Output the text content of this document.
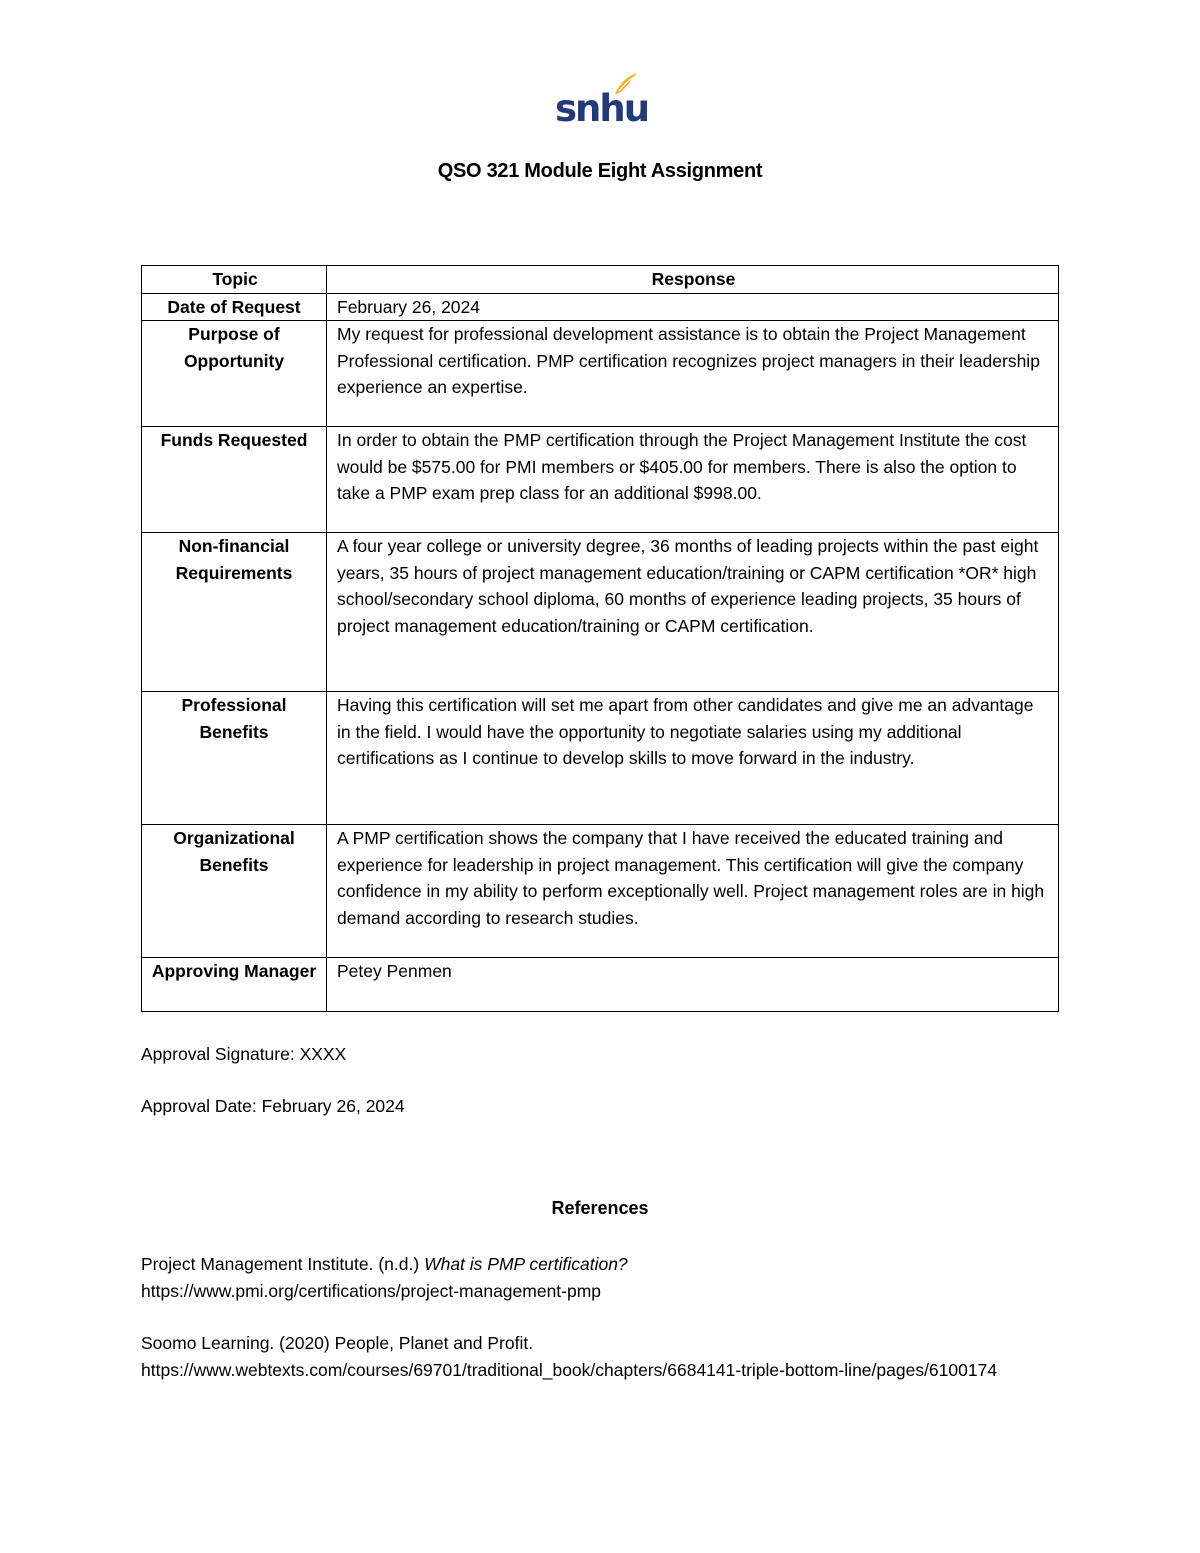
snhu
QSO 321 Module Eight Assignment
Topic	Response
Date of Request	February 26, 2024
Purpose of Opportunity	My request for professional development assistance is to obtain the Project Management Professional certification. PMP certification recognizes project managers in their leadership experience an expertise.
Funds Requested	In order to obtain the PMP certification through the Project Management Institute the cost would be $575.00 for PMI members or $405.00 for members. There is also the option to take a PMP exam prep class for an additional $998.00.
Non-financial Requirements	A four year college or university degree, 36 months of leading projects within the past eight years, 35 hours of project management education/training or CAPM certification *OR* high school/secondary school diploma, 60 months of experience leading projects, 35 hours of project management education/training or CAPM certification.
Professional Benefits	Having this certification will set me apart from other candidates and give me an advantage in the field. I would have the opportunity to negotiate salaries using my additional certifications as I continue to develop skills to move forward in the industry.
Organizational Benefits	A PMP certification shows the company that I have received the educated training and experience for leadership in project management. This certification will give the company confidence in my ability to perform exceptionally well. Project management roles are in high demand according to research studies.
Approving Manager	Petey Penmen
Approval Signature: XXXX
Approval Date: February 26, 2024
References
Project Management Institute. (n.d.) What is PMP certification?
https://www.pmi.org/certifications/project-management-pmp
Soomo Learning. (2020) People, Planet and Profit.
https://www.webtexts.com/courses/69701/traditional_book/chapters/6684141-triple-bottom-line/pages/6100174
